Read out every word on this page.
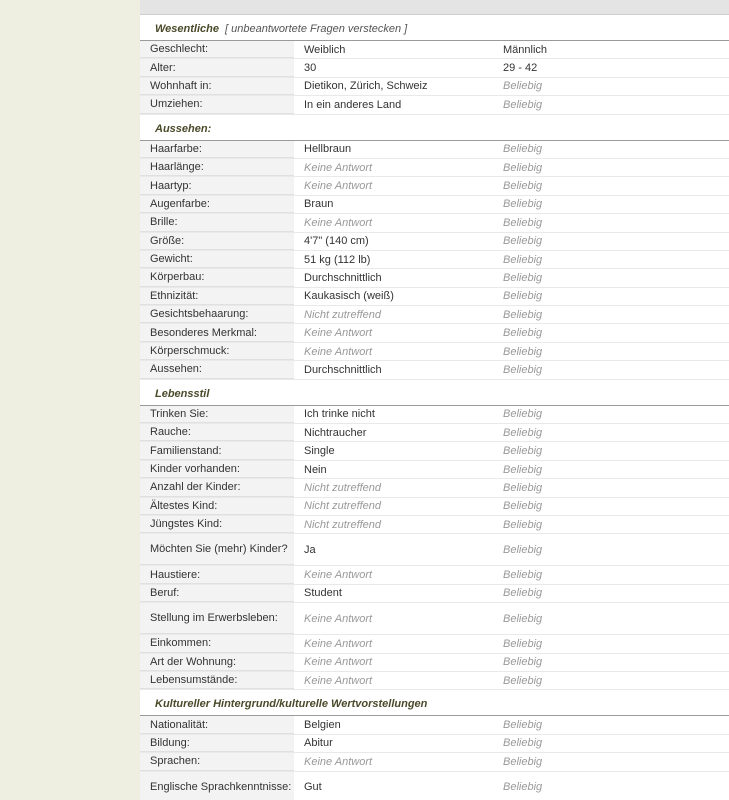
Wesentliche [ unbeantwortete Fragen verstecken ]
Geschlecht:	Weiblich	Männlich
Alter:	30	29 - 42
Wohnhaft in:	Dietikon, Zürich, Schweiz	Beliebig
Umziehen:	In ein anderes Land	Beliebig
Aussehen:
Haarfarbe:	Hellbraun	Beliebig
Haarlänge:	Keine Antwort	Beliebig
Haartyp:	Keine Antwort	Beliebig
Augenfarbe:	Braun	Beliebig
Brille:	Keine Antwort	Beliebig
Größe:	4'7" (140 cm)	Beliebig
Gewicht:	51 kg (112 lb)	Beliebig
Körperbau:	Durchschnittlich	Beliebig
Ethnizität:	Kaukasisch (weiß)	Beliebig
Gesichtsbehaarung:	Nicht zutreffend	Beliebig
Besonderes Merkmal:	Keine Antwort	Beliebig
Körperschmuck:	Keine Antwort	Beliebig
Aussehen:	Durchschnittlich	Beliebig
Lebensstil
Trinken Sie:	Ich trinke nicht	Beliebig
Rauche:	Nichtraucher	Beliebig
Familienstand:	Single	Beliebig
Kinder vorhanden:	Nein	Beliebig
Anzahl der Kinder:	Nicht zutreffend	Beliebig
Ältestes Kind:	Nicht zutreffend	Beliebig
Jüngstes Kind:	Nicht zutreffend	Beliebig
Möchten Sie (mehr) Kinder?	Ja	Beliebig
Haustiere:	Keine Antwort	Beliebig
Beruf:	Student	Beliebig
Stellung im Erwerbsleben:	Keine Antwort	Beliebig
Einkommen:	Keine Antwort	Beliebig
Art der Wohnung:	Keine Antwort	Beliebig
Lebensumstände:	Keine Antwort	Beliebig
Kultureller Hintergrund/kulturelle Wertvorstellungen
Nationalität:	Belgien	Beliebig
Bildung:	Abitur	Beliebig
Sprachen:	Keine Antwort	Beliebig
Englische Sprachkenntnisse:	Gut	Beliebig
